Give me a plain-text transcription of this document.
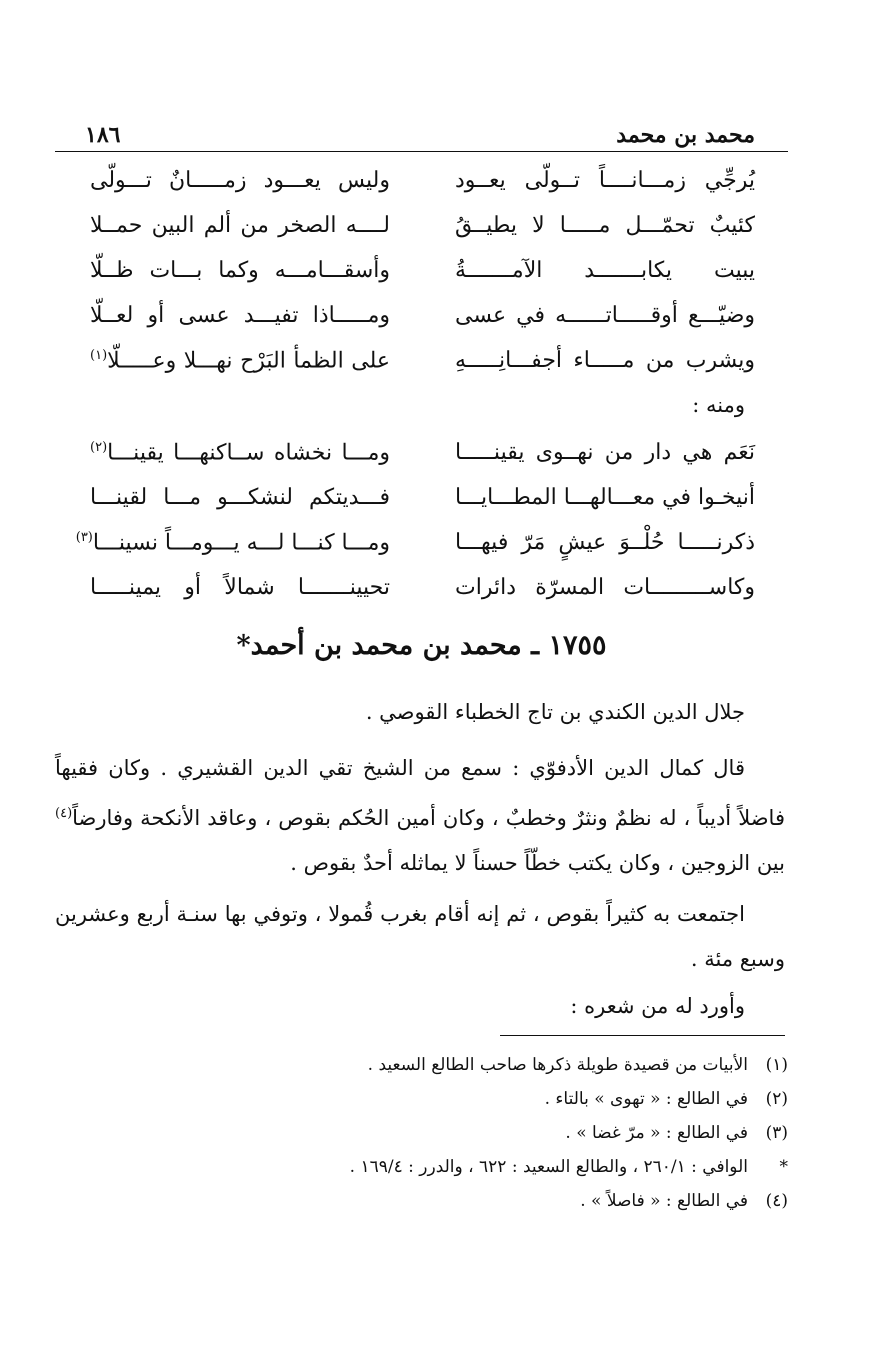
محمد بن محمد
١٨٦
يُرجِّي زمـــانــــاً تــولّى يعــود
وليس يعـــود زمـــــانٌ تـــولّى
كئيبٌ تحمّـــل مـــــا لا يطيــقُ
لــــه الصخر من ألم البين حمــلا
يبيت يكابـــــــد الآمـــــــةُ
وأسقـــامـــه وكما بـــات ظــلّا
وضيّـــع أوقـــــاتــــــه في عسى
ومـــــاذا تفيـــد عسى أو لعــلّا
ويشرب من مـــــاء أجفـــانِـــــهِ
على الظمأ البَرْح نهـــلا وعـــــلّا$^{(١)}$
ومنه :
نَعَم هي دار من نهــوى يقينـــــا
ومـــا نخشاه ســاكنهـــا يقينـــا$^{(٢)}$
أنيخـوا في معـــالهـــا المطـــايـــا
فـــديتكم لنشكـــو مـــا لقينـــا
ذكرنـــــا حُلْــوَ عيشٍ مَرّ فيهـــا
ومـــا كنـــا لـــه يـــومـــاً نسينـــا$^{(٣)}$
وكاســـــــــات المسرّة دائرات
تحيينـــــــا شمالاً أو يمينـــــا
١٧٥٥ ـ محمد بن محمد بن أحمد*

جلال الدين الكندي بن تاج الخطباء القوصي .

قال كمال الدين الأدفوّي : سمع من الشيخ تقي الدين القشيري . وكان فقيهاً فاضلاً أديباً ، له نظمٌ ونثرٌ وخطبٌ ، وكان أمين الحُكم بقوص ، وعاقد الأنكحة وفارضاً$^{(٤)}$ بين الزوجين ، وكان يكتب خطّاً حسناً لا يماثله أحدٌ بقوص .

اجتمعت به كثيراً بقوص ، ثم إنه أقام بغرب قُمولا ، وتوفي بها سنـة أربع وعشرين وسبع مئة .

وأورد له من شعره :

(١)
الأبيات من قصيدة طويلة ذكرها صاحب الطالع السعيد .
(٢)
في الطالع : « تهوى » بالتاء .
(٣)
في الطالع : « مرّ غضا » .
*
الوافي : ٢٦٠/١ ، والطالع السعيد : ٦٢٢ ، والدرر : ١٦٩/٤ .
(٤)
في الطالع : « فاصلاً » .
